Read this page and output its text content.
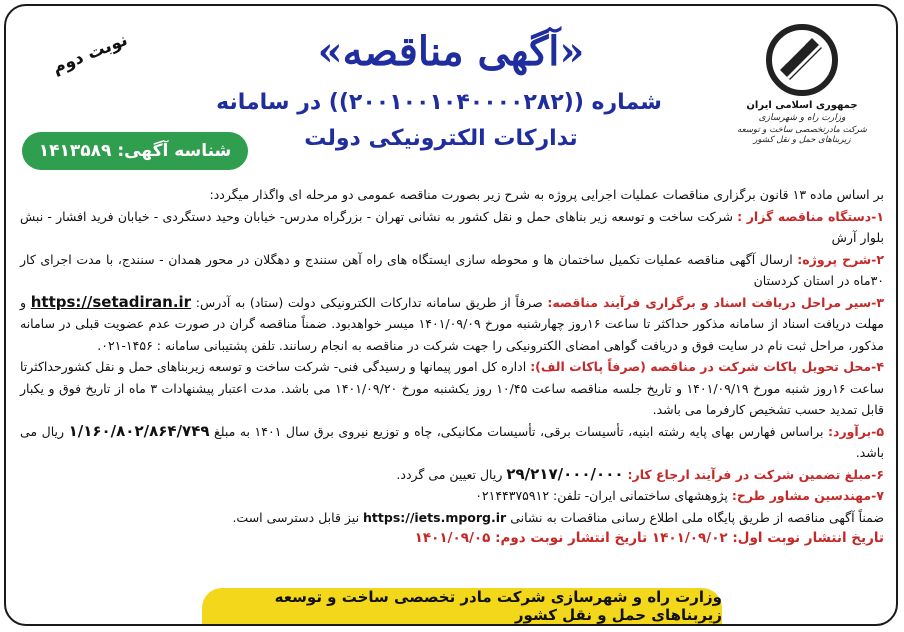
جمهوری اسلامی ایران
وزارت راه و شهرسازی
شرکت مادرتخصصی ساخت و توسعه زیربناهای حمل و نقل کشور
«آگهی مناقصه»
شماره ((۲۰۰۱۰۰۱۰۴۰۰۰۰۲۸۲)) در سامانه
تدارکات الکترونیکی دولت
نوبت دوم
شناسه آگهی:
۱۴۱۳۵۸۹

بر اساس ماده ۱۳ قانون برگزاری مناقصات عملیات اجرایی پروژه به شرح زیر بصورت مناقصه عمومی دو مرحله ای واگذار میگردد:

۱-دستگاه مناقصه گزار : شرکت ساخت و توسعه زیر بناهای حمل و نقل کشور به نشانی تهران - بزرگراه مدرس- خیابان وحید دستگردی - خیابان فرید افشار - نبش بلوار آرش

۲-شرح پروژه: ارسال آگهی مناقصه عملیات تکمیل ساختمان ها و محوطه سازی ایستگاه های راه آهن سنندج و دهگلان در محور همدان - سنندج، با مدت اجرای کار ۳۰ماه در استان کردستان

۳-سیر مراحل دریافت اسناد و برگزاری فرآیند مناقصه: صرفاً از طریق سامانه تدارکات الکترونیکی دولت (ستاد) به آدرس: https://setadiran.ir و مهلت دریافت اسناد از سامانه مذکور حداکثر تا ساعت ۱۶روز چهارشنبه مورخ ۱۴۰۱/۰۹/۰۹ میسر خواهدبود. ضمناً مناقصه گران در صورت عدم عضویت قبلی در سامانه مذکور، مراحل ثبت نام در سایت فوق و دریافت گواهی امضای الکترونیکی را جهت شرکت در مناقصه به انجام رسانند. تلفن پشتیبانی سامانه : ۱۴۵۶-۰۲۱.

۴-محل تحویل پاکات شرکت در مناقصه (صرفاً پاکات الف): اداره کل امور پیمانها و رسیدگی فنی- شرکت ساخت و توسعه زیربناهای حمل و نقل کشورحداکثرتا ساعت ۱۶روز شنبه مورخ ۱۴۰۱/۰۹/۱۹ و تاریخ جلسه مناقصه ساعت ۱۰/۴۵ روز یکشنبه مورخ ۱۴۰۱/۰۹/۲۰ می باشد. مدت اعتبار پیشنهادات ۳ ماه از تاریخ فوق و یکبار قابل تمدید حسب تشخیص کارفرما می باشد.

۵-برآورد: براساس فهارس بهای پایه رشته ابنیه، تأسیسات برقی، تأسیسات مکانیکی، چاه و توزیع نیروی برق سال ۱۴۰۱ به مبلغ ۱/۱۶۰/۸۰۲/۸۶۴/۷۴۹ ریال می باشد.

۶-مبلغ تضمین شرکت در فرآیند ارجاع کار: ۲۹/۲۱۷/۰۰۰/۰۰۰ ریال تعیین می گردد.

۷-مهندسین مشاور طرح: پژوهشهای ساختمانی ایران- تلفن: ۰۲۱۴۴۳۷۵۹۱۲

ضمناً آگهی مناقصه از طریق پایگاه ملی اطلاع رسانی مناقصات به نشانی https://iets.mporg.ir نیز قابل دسترسی است.

تاریخ انتشار نوبت اول: ۱۴۰۱/۰۹/۰۲ تاریخ انتشار نوبت دوم: ۱۴۰۱/۰۹/۰۵

وزارت راه و شهرسازی شرکت مادر تخصصی ساخت و توسعه زیربناهای حمل و نقل کشور
